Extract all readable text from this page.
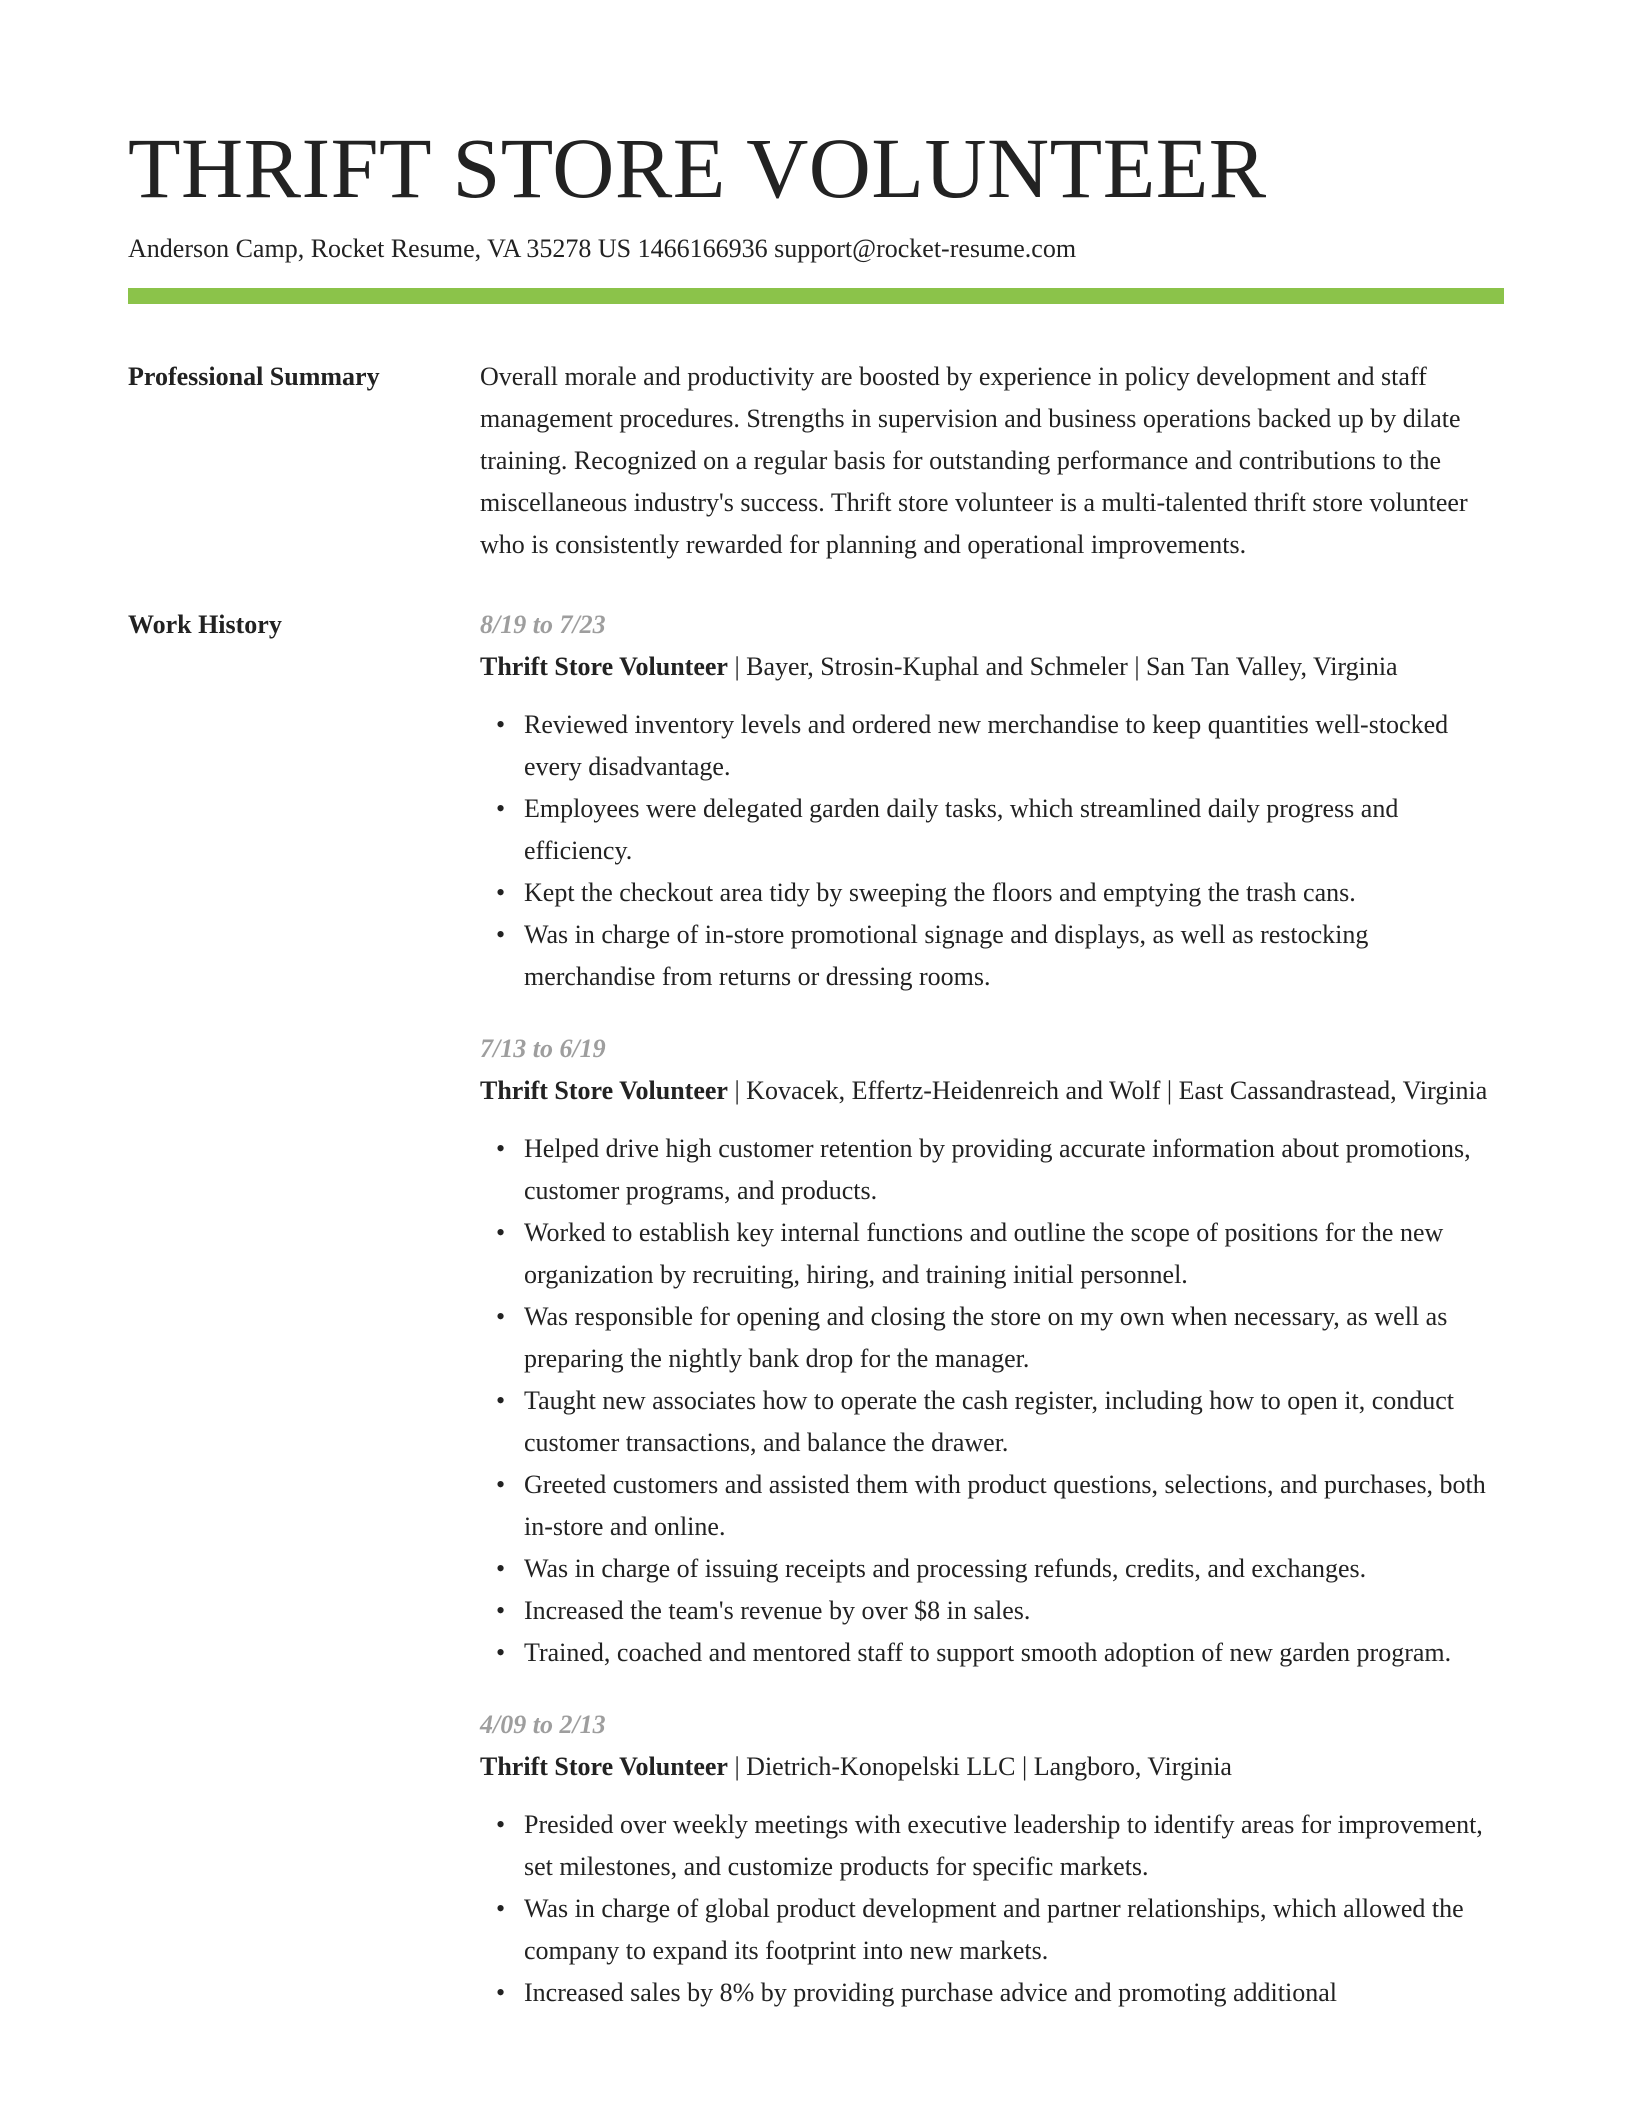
THRIFT STORE VOLUNTEER
Anderson Camp, Rocket Resume, VA 35278 US 1466166936 support@rocket-resume.com
Professional Summary	Overall morale and productivity are boosted by experience in policy development and staff management procedures. Strengths in supervision and business operations backed up by dilate training. Recognized on a regular basis for outstanding performance and contributions to the miscellaneous industry's success. Thrift store volunteer is a multi-talented thrift store volunteer who is consistently rewarded for planning and operational improvements.

Work History	8/19 to 7/23

Thrift Store Volunteer | Bayer, Strosin-Kuphal and Schmeler | San Tan Valley, Virginia

• Reviewed inventory levels and ordered new merchandise to keep quantities well-stocked every disadvantage.
• Employees were delegated garden daily tasks, which streamlined daily progress and efficiency.
• Kept the checkout area tidy by sweeping the floors and emptying the trash cans.
• Was in charge of in-store promotional signage and displays, as well as restocking merchandise from returns or dressing rooms.
7/13 to 6/19

Thrift Store Volunteer | Kovacek, Effertz-Heidenreich and Wolf | East Cassandrastead, Virginia

• Helped drive high customer retention by providing accurate information about promotions, customer programs, and products.
• Worked to establish key internal functions and outline the scope of positions for the new organization by recruiting, hiring, and training initial personnel.
• Was responsible for opening and closing the store on my own when necessary, as well as preparing the nightly bank drop for the manager.
• Taught new associates how to operate the cash register, including how to open it, conduct customer transactions, and balance the drawer.
• Greeted customers and assisted them with product questions, selections, and purchases, both in-store and online.
• Was in charge of issuing receipts and processing refunds, credits, and exchanges.
• Increased the team's revenue by over $8 in sales.
• Trained, coached and mentored staff to support smooth adoption of new garden program.
4/09 to 2/13

Thrift Store Volunteer | Dietrich-Konopelski LLC | Langboro, Virginia

• Presided over weekly meetings with executive leadership to identify areas for improvement, set milestones, and customize products for specific markets.
• Was in charge of global product development and partner relationships, which allowed the company to expand its footprint into new markets.
• Increased sales by 8% by providing purchase advice and promoting additional
